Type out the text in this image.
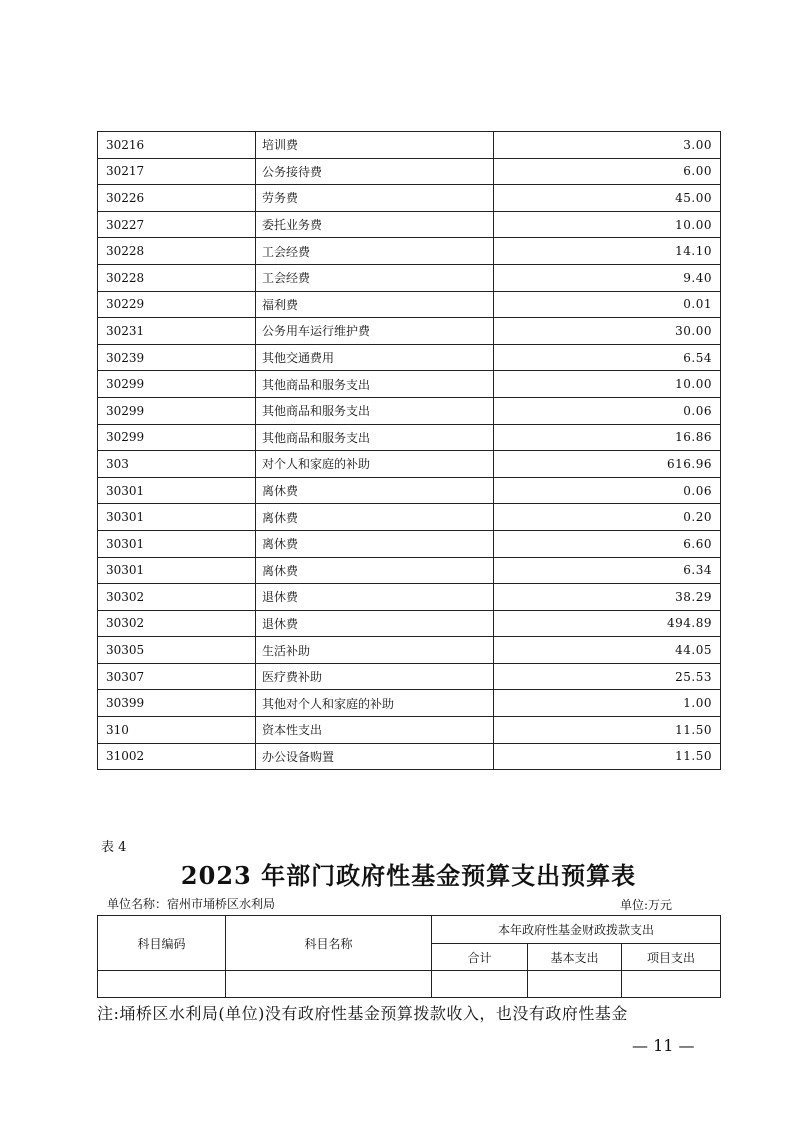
30216	培训费	3.00
30217	公务接待费	6.00
30226	劳务费	45.00
30227	委托业务费	10.00
30228	工会经费	14.10
30228	工会经费	9.40
30229	福利费	0.01
30231	公务用车运行维护费	30.00
30239	其他交通费用	6.54
30299	其他商品和服务支出	10.00
30299	其他商品和服务支出	0.06
30299	其他商品和服务支出	16.86
303	对个人和家庭的补助	616.96
30301	离休费	0.06
30301	离休费	0.20
30301	离休费	6.60
30301	离休费	6.34
30302	退休费	38.29
30302	退休费	494.89
30305	生活补助	44.05
30307	医疗费补助	25.53
30399	其他对个人和家庭的补助	1.00
310	资本性支出	11.50
31002	办公设备购置	11.50
表 4
2023 年部门政府性基金预算支出预算表
单位名称：宿州市埇桥区水利局	单位:万元
科目编码	科目名称	本年政府性基金财政拨款支出		
		合计	基本支出	项目支出

注:埇桥区水利局(单位)没有政府性基金预算拨款收入，也没有政府性基金
— 11 —
